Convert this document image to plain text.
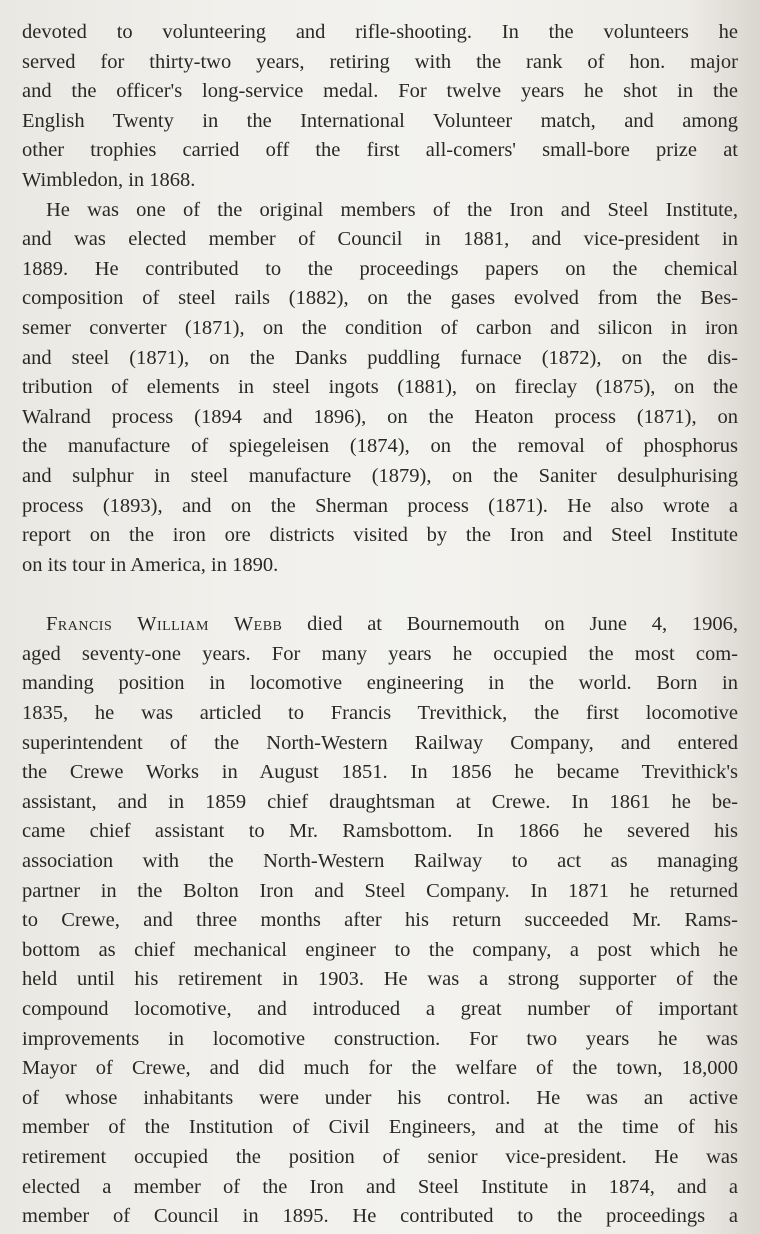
devoted to volunteering and rifle-shooting. In the volunteers he
served for thirty-two years, retiring with the rank of hon. major
and the officer's long-service medal. For twelve years he shot in the
English Twenty in the International Volunteer match, and among
other trophies carried off the first all-comers' small-bore prize at
Wimbledon, in 1868.
He was one of the original members of the Iron and Steel Institute,
and was elected member of Council in 1881, and vice-president in
1889. He contributed to the proceedings papers on the chemical
composition of steel rails (1882), on the gases evolved from the Bes-
semer converter (1871), on the condition of carbon and silicon in iron
and steel (1871), on the Danks puddling furnace (1872), on the dis-
tribution of elements in steel ingots (1881), on fireclay (1875), on the
Walrand process (1894 and 1896), on the Heaton process (1871), on
the manufacture of spiegeleisen (1874), on the removal of phosphorus
and sulphur in steel manufacture (1879), on the Saniter desulphurising
process (1893), and on the Sherman process (1871). He also wrote a
report on the iron ore districts visited by the Iron and Steel Institute
on its tour in America, in 1890.
Francis William Webb died at Bournemouth on June 4, 1906,
aged seventy-one years. For many years he occupied the most com-
manding position in locomotive engineering in the world. Born in
1835, he was articled to Francis Trevithick, the first locomotive
superintendent of the North-Western Railway Company, and entered
the Crewe Works in August 1851. In 1856 he became Trevithick's
assistant, and in 1859 chief draughtsman at Crewe. In 1861 he be-
came chief assistant to Mr. Ramsbottom. In 1866 he severed his
association with the North-Western Railway to act as managing
partner in the Bolton Iron and Steel Company. In 1871 he returned
to Crewe, and three months after his return succeeded Mr. Rams-
bottom as chief mechanical engineer to the company, a post which he
held until his retirement in 1903. He was a strong supporter of the
compound locomotive, and introduced a great number of important
improvements in locomotive construction. For two years he was
Mayor of Crewe, and did much for the welfare of the town, 18,000
of whose inhabitants were under his control. He was an active
member of the Institution of Civil Engineers, and at the time of his
retirement occupied the position of senior vice-president. He was
elected a member of the Iron and Steel Institute in 1874, and a
member of Council in 1895. He contributed to the proceedings a
